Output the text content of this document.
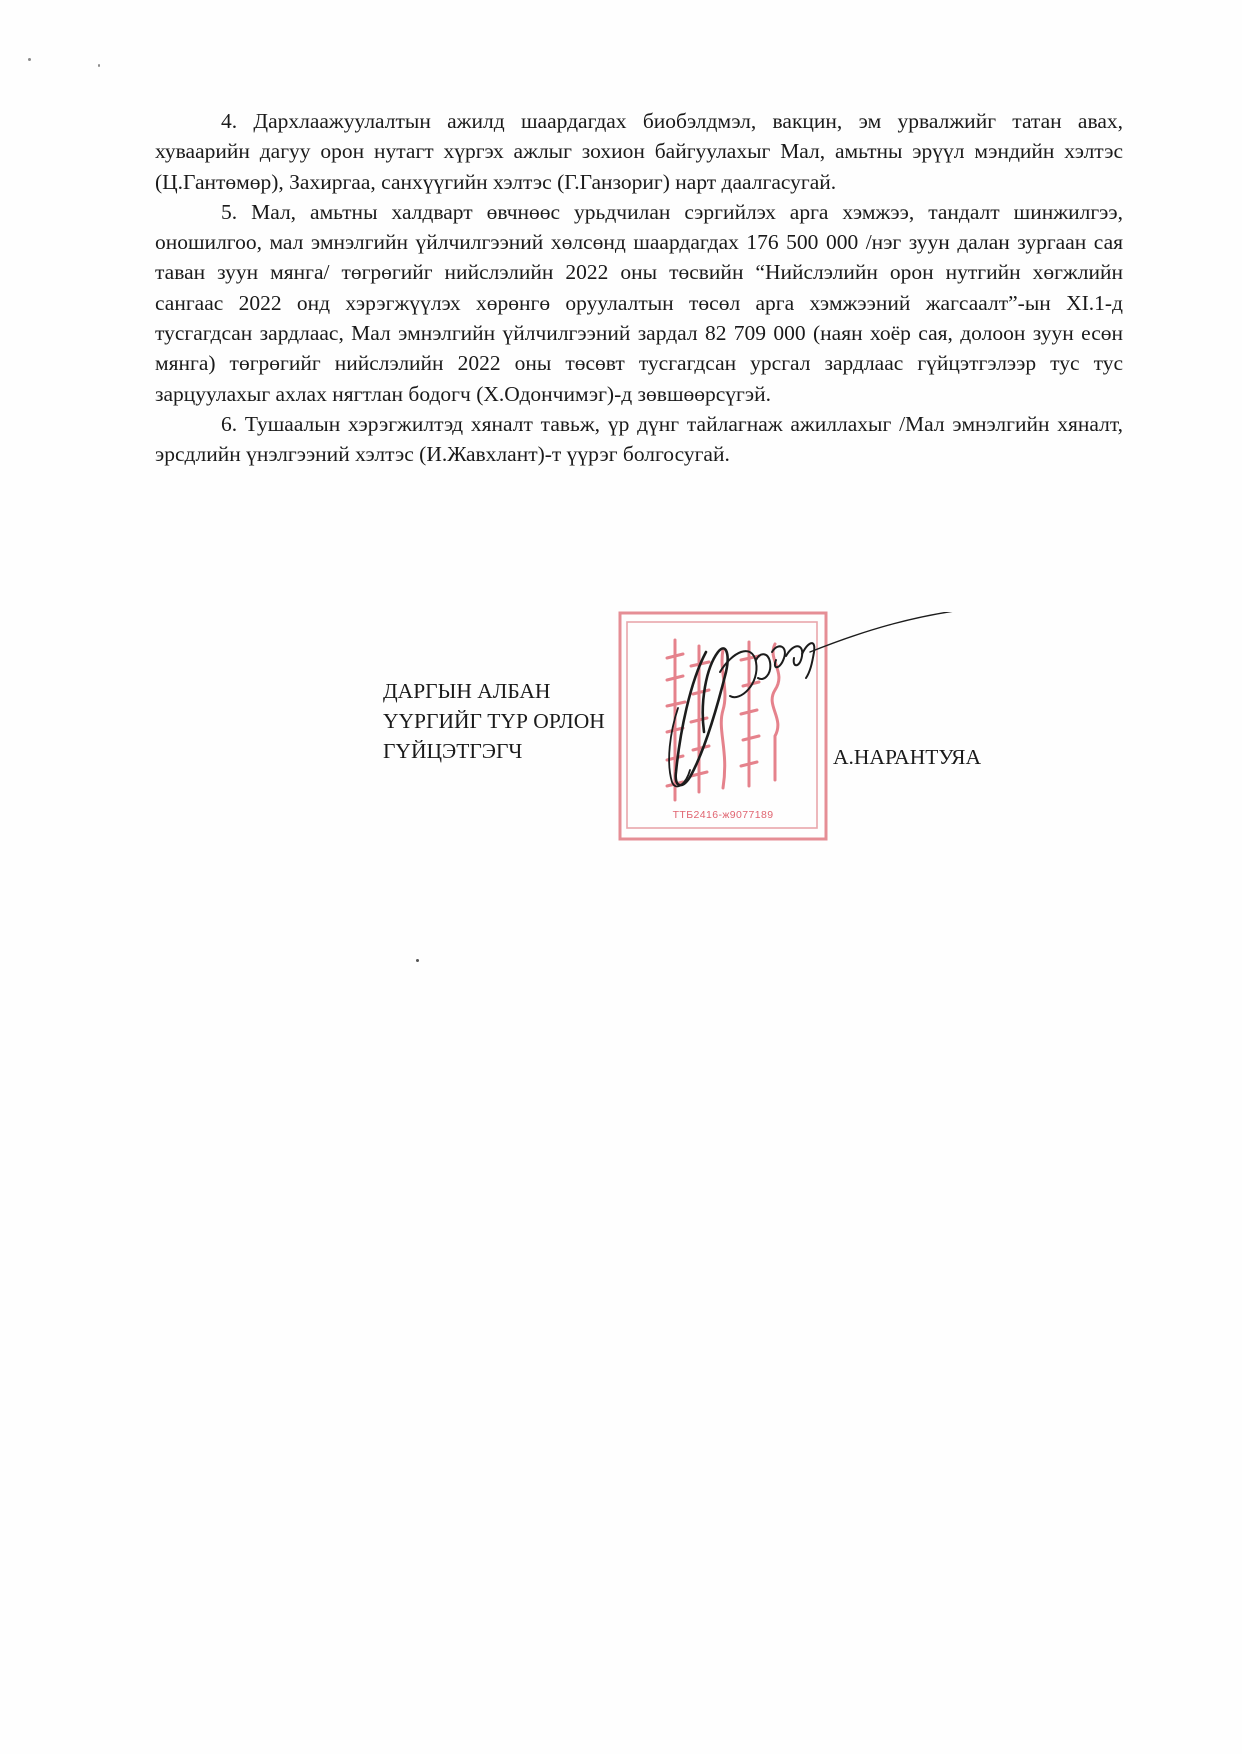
4. Дархлаажуулалтын ажилд шаардагдах биобэлдмэл, вакцин, эм урвалжийг татан авах, хуваарийн дагуу орон нутагт хүргэх ажлыг зохион байгуулахыг Мал, амьтны эрүүл мэндийн хэлтэс (Ц.Гантөмөр), Захиргаа, санхүүгийн хэлтэс (Г.Ганзориг) нарт даалгасугай.

5. Мал, амьтны халдварт өвчнөөс урьдчилан сэргийлэх арга хэмжээ, тандалт шинжилгээ, оношилгоо, мал эмнэлгийн үйлчилгээний хөлсөнд шаардагдах 176 500 000 /нэг зуун далан зургаан сая таван зуун мянга/ төгрөгийг нийслэлийн 2022 оны төсвийн “Нийслэлийн орон нутгийн хөгжлийн сангаас 2022 онд хэрэгжүүлэх хөрөнгө оруулалтын төсөл арга хэмжээний жагсаалт”-ын XI.1-д тусгагдсан зардлаас, Мал эмнэлгийн үйлчилгээний зардал 82 709 000 (наян хоёр сая, долоон зуун есөн мянга) төгрөгийг нийслэлийн 2022 оны төсөвт тусгагдсан урсгал зардлаас гүйцэтгэлээр тус тус зарцуулахыг ахлах нягтлан бодогч (Х.Одончимэг)-д зөвшөөрсүгэй.

6. Тушаалын хэрэгжилтэд хяналт тавьж, үр дүнг тайлагнаж ажиллахыг /Мал эмнэлгийн хяналт, эрсдлийн үнэлгээний хэлтэс (И.Жавхлант)-т үүрэг болгосугай.

ДАРГЫН АЛБАН
ҮҮРГИЙГ ТҮР ОРЛОН
ГҮЙЦЭТГЭГЧ
ТТБ2416-ж9077189
А.НАРАНТУЯА
